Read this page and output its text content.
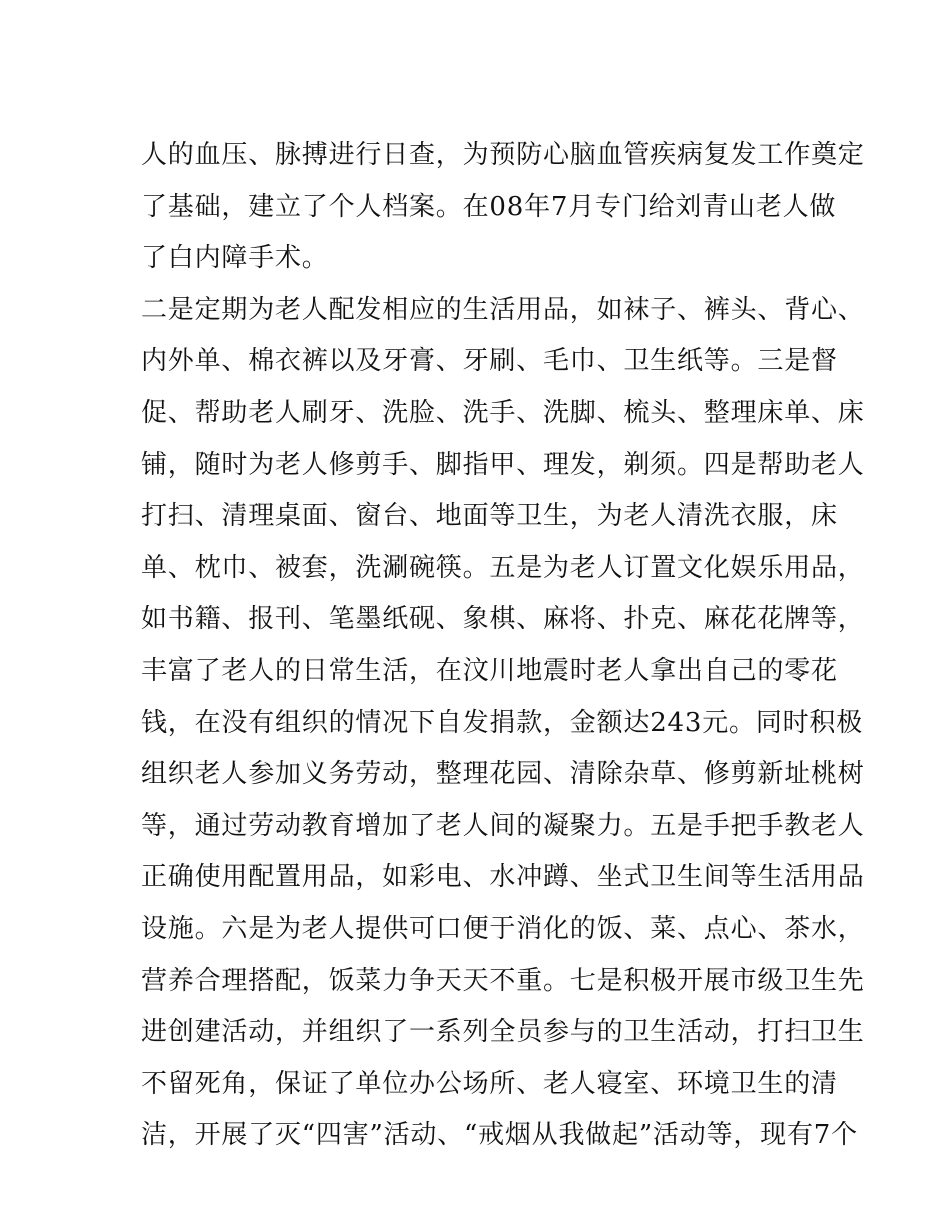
人的血压、脉搏进行日查，为预防心脑血管疾病复发工作奠定
了基础，建立了个人档案。在08年7月专门给刘青山老人做
了白内障手术。
二是定期为老人配发相应的生活用品，如袜子、裤头、背心、
内外单、棉衣裤以及牙膏、牙刷、毛巾、卫生纸等。三是督
促、帮助老人刷牙、洗脸、洗手、洗脚、梳头、整理床单、床
铺，随时为老人修剪手、脚指甲、理发，剃须。四是帮助老人
打扫、清理桌面、窗台、地面等卫生，为老人清洗衣服，床
单、枕巾、被套，洗涮碗筷。五是为老人订置文化娱乐用品，
如书籍、报刊、笔墨纸砚、象棋、麻将、扑克、麻花花牌等，
丰富了老人的日常生活，在汶川地震时老人拿出自己的零花
钱，在没有组织的情况下自发捐款，金额达243元。同时积极
组织老人参加义务劳动，整理花园、清除杂草、修剪新址桃树
等，通过劳动教育增加了老人间的凝聚力。五是手把手教老人
正确使用配置用品，如彩电、水冲蹲、坐式卫生间等生活用品
设施。六是为老人提供可口便于消化的饭、菜、点心、茶水，
营养合理搭配，饭菜力争天天不重。七是积极开展市级卫生先
进创建活动，并组织了一系列全员参与的卫生活动，打扫卫生
不留死角，保证了单位办公场所、老人寝室、环境卫生的清
洁，开展了灭“四害”活动、“戒烟从我做起”活动等，现有7个
